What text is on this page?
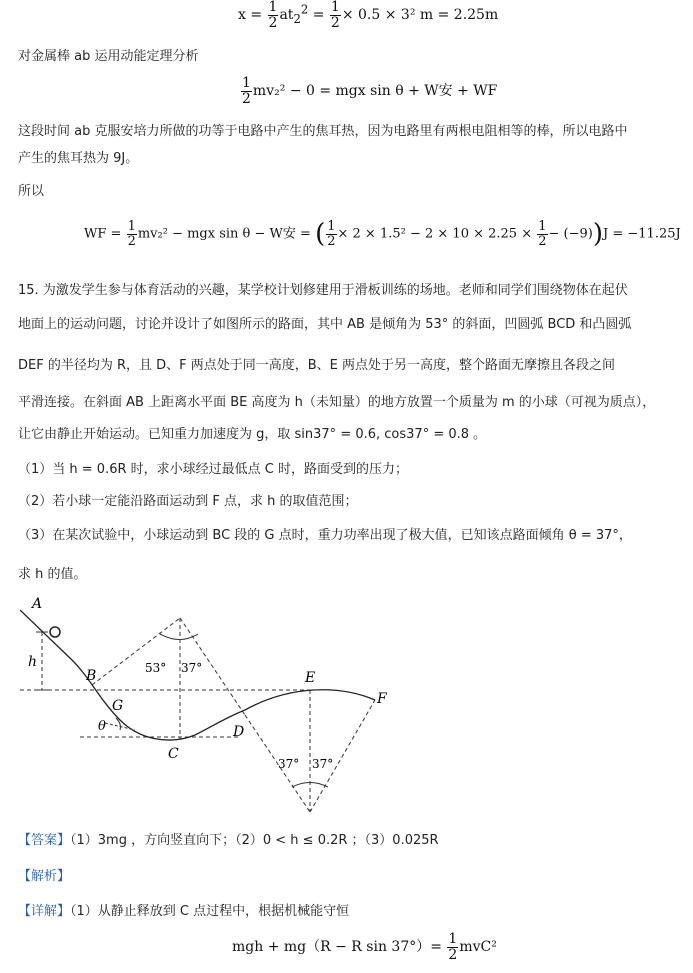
$x = \frac{1}{2} at_2^2 = \frac{1}{2} \times 0.5 \times 3^2$ m = 2.25m
对金属棒 ab 运用动能定理分析
$\frac{1}{2} mv_2^2 - 0$ = mgx sin θ + W安 + WF
这段时间 ab 克服安培力所做的功等于电路中产生的焦耳热，因为电路里有两根电阻相等的棒，所以电路中
产生的焦耳热为 9J。
所以
WF = $\frac{1}{2} mv_2^2$ − mgx sin θ − W安 = ( $\frac{1}{2} \times 2 \times 1.5^2 - 2 \times 10 \times 2.25 \times \frac{1}{2} - (-9))J = -11.25J$
15. 为激发学生参与体育活动的兴趣，某学校计划修建用于滑板训练的场地。老师和同学们围绕物体在起伏
地面上的运动问题，讨论并设计了如图所示的路面，其中 AB 是倾角为 53° 的斜面，凹圆弧 BCD 和凸圆弧
DEF 的半径均为 R，且 D、F 两点处于同一高度，B、E 两点处于另一高度，整个路面无摩擦且各段之间
平滑连接。在斜面 AB 上距离水平面 BE 高度为 h（未知量）的地方放置一个质量为 m 的小球（可视为质点），
让它由静止开始运动。已知重力加速度为 g，取 sin37° = 0.6, cos37° = 0.8 。
（1）当 h = 0.6R 时，求小球经过最低点 C 时，路面受到的压力；
（2）若小球一定能沿路面运动到 F 点，求 h 的取值范围；
（3）在某次试验中，小球运动到 BC 段的 G 点时，重力功率出现了极大值，已知该点路面倾角 θ = 37°，
求 h 的值。
A
B
C
D
E
F
G
h
θ
53° 37°
37° 37°
【答案】（1）3mg ，方向竖直向下；（2）0 < h ≤ 0.2R ；（3）0.025R
【解析】
【详解】（1）从静止释放到 C 点过程中，根据机械能守恒
mgh + mg（R − R $\sin 37^\circ)= \frac{1}{2} mvC^2$
